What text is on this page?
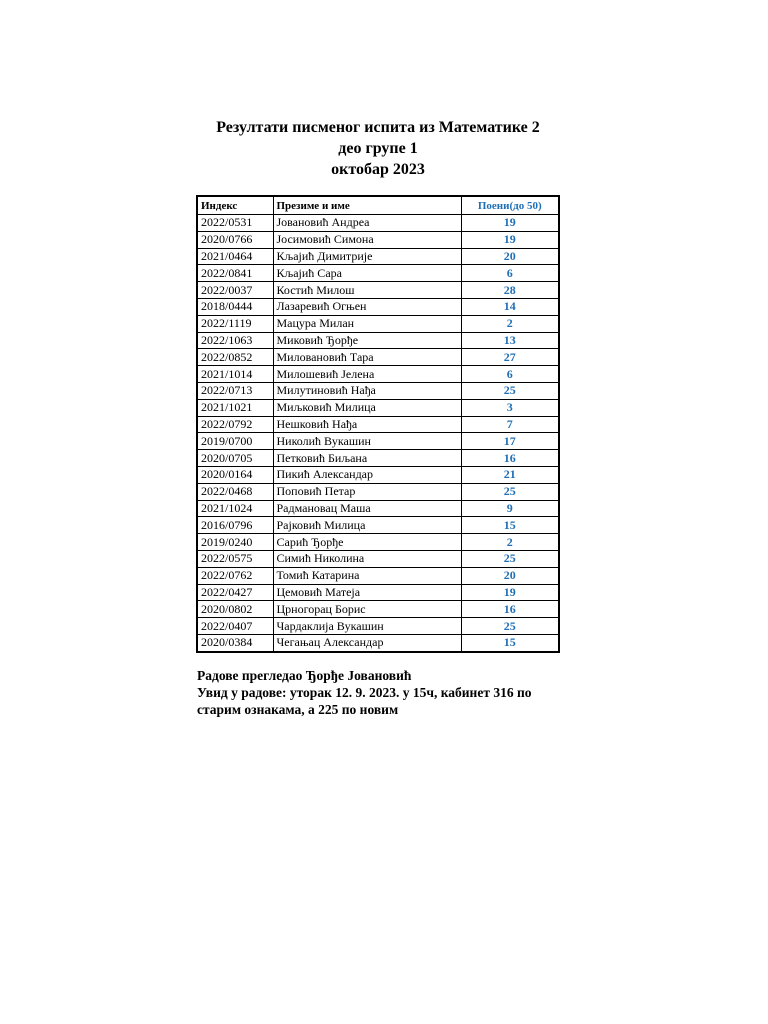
Резултати писменог испита из Математике 2
део групе 1
октобар 2023
Индекс	Презиме и име	Поени(до 50)
2022/0531	Јовановић Андреа	19
2020/0766	Јосимовић Симона	19
2021/0464	Кљајић Димитрије	20
2022/0841	Кљајић Сара	6
2022/0037	Костић Милош	28
2018/0444	Лазаревић Огњен	14
2022/1119	Мацура Милан	2
2022/1063	Миковић Ђорђе	13
2022/0852	Миловановић Тара	27
2021/1014	Милошевић Јелена	6
2022/0713	Милутиновић Нађа	25
2021/1021	Миљковић Милица	3
2022/0792	Нешковић Нађа	7
2019/0700	Николић Вукашин	17
2020/0705	Петковић Биљана	16
2020/0164	Пикић Александар	21
2022/0468	Поповић Петар	25
2021/1024	Радмановац Маша	9
2016/0796	Рајковић Милица	15
2019/0240	Сарић Ђорђе	2
2022/0575	Симић Николина	25
2022/0762	Томић Катарина	20
2022/0427	Цемовић Матеја	19
2020/0802	Црногорац Борис	16
2022/0407	Чардаклија Вукашин	25
2020/0384	Чегањац Александар	15
Радове прегледао Ђорђе Јовановић
Увид у радове: уторак 12. 9. 2023. у 15ч, кабинет 316 по
старим ознакама, а 225 по новим
